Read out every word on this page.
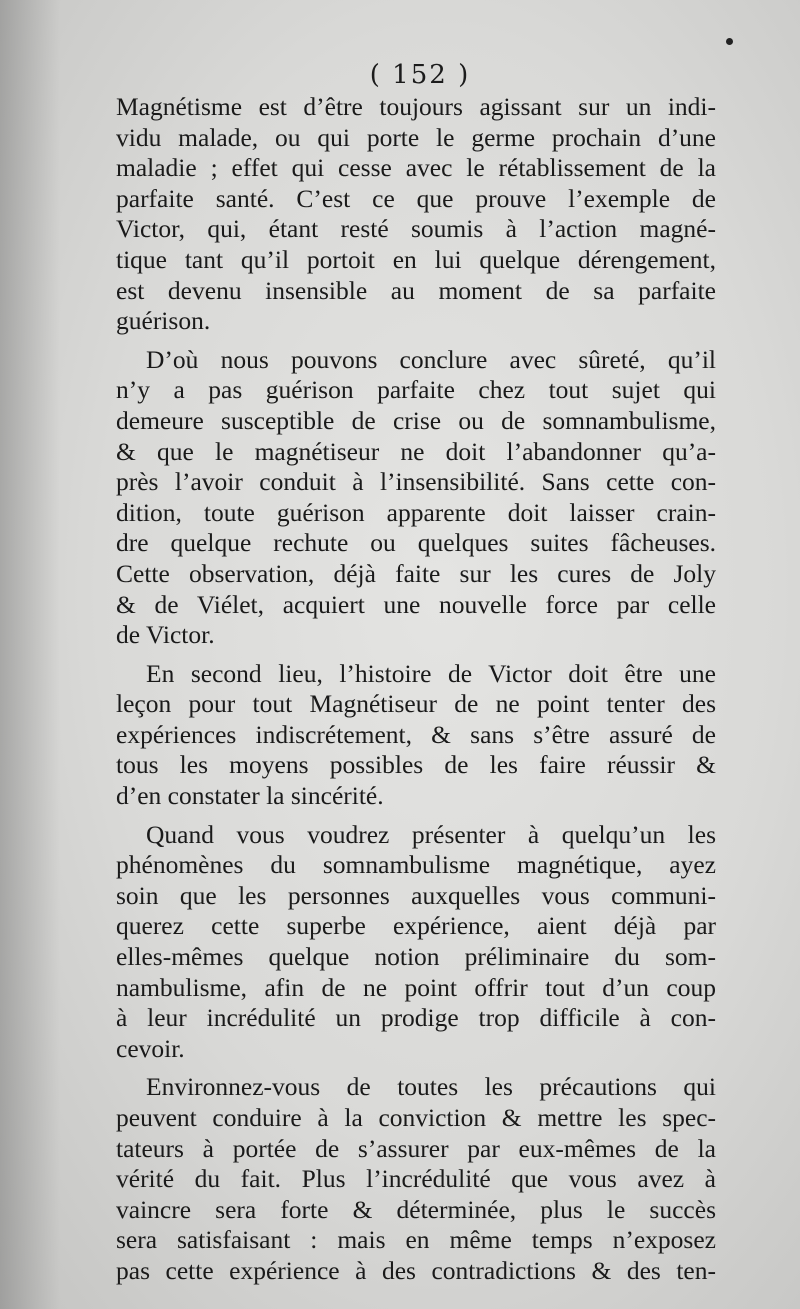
( 152 )

Magnétisme est d’être toujours agissant sur un indi-
vidu malade, ou qui porte le germe prochain d’une
maladie ; effet qui cesse avec le rétablissement de la
parfaite santé. C’est ce que prouve l’exemple de
Victor, qui, étant resté soumis à l’action magné-
tique tant qu’il portoit en lui quelque dérengement,
est devenu insensible au moment de sa parfaite
guérison.

D’où nous pouvons conclure avec sûreté, qu’il
n’y a pas guérison parfaite chez tout sujet qui
demeure susceptible de crise ou de somnambulisme,
& que le magnétiseur ne doit l’abandonner qu’a-
près l’avoir conduit à l’insensibilité. Sans cette con-
dition, toute guérison apparente doit laisser crain-
dre quelque rechute ou quelques suites fâcheuses.
Cette observation, déjà faite sur les cures de Joly
& de Viélet, acquiert une nouvelle force par celle
de Victor.

En second lieu, l’histoire de Victor doit être une
leçon pour tout Magnétiseur de ne point tenter des
expériences indiscrétement, & sans s’être assuré de
tous les moyens possibles de les faire réussir &
d’en constater la sincérité.

Quand vous voudrez présenter à quelqu’un les
phénomènes du somnambulisme magnétique, ayez
soin que les personnes auxquelles vous communi-
querez cette superbe expérience, aient déjà par
elles-mêmes quelque notion préliminaire du som-
nambulisme, afin de ne point offrir tout d’un coup
à leur incrédulité un prodige trop difficile à con-
cevoir.

Environnez-vous de toutes les précautions qui
peuvent conduire à la conviction & mettre les spec-
tateurs à portée de s’assurer par eux-mêmes de la
vérité du fait. Plus l’incrédulité que vous avez à
vaincre sera forte & déterminée, plus le succès
sera satisfaisant : mais en même temps n’exposez
pas cette expérience à des contradictions & des ten-
